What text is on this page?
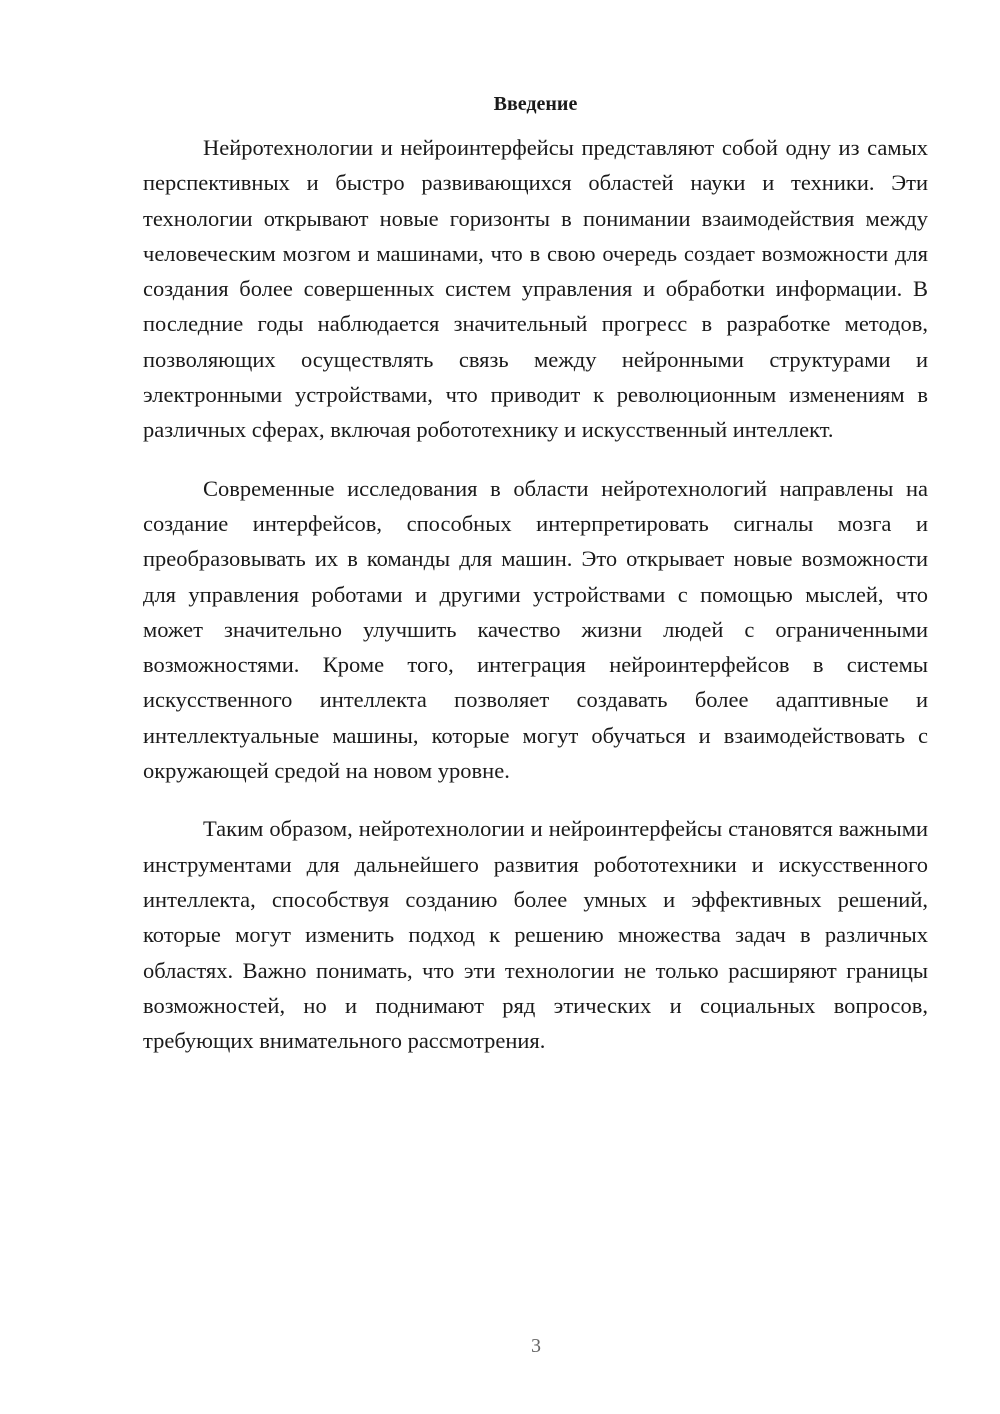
Введение

Нейротехнологии и нейроинтерфейсы представляют собой одну из самых перспективных и быстро развивающихся областей науки и техники. Эти технологии открывают новые горизонты в понимании взаимодействия между человеческим мозгом и машинами, что в свою очередь создает возможности для создания более совершенных систем управления и обработки информации. В последние годы наблюдается значительный прогресс в разработке методов, позволяющих осуществлять связь между нейронными структурами и электронными устройствами, что приводит к революционным изменениям в различных сферах, включая робототехнику и искусственный интеллект.

Современные исследования в области нейротехнологий направлены на создание интерфейсов, способных интерпретировать сигналы мозга и преобразовывать их в команды для машин. Это открывает новые возможности для управления роботами и другими устройствами с помощью мыслей, что может значительно улучшить качество жизни людей с ограниченными возможностями. Кроме того, интеграция нейроинтерфейсов в системы искусственного интеллекта позволяет создавать более адаптивные и интеллектуальные машины, которые могут обучаться и взаимодействовать с окружающей средой на новом уровне.

Таким образом, нейротехнологии и нейроинтерфейсы становятся важными инструментами для дальнейшего развития робототехники и искусственного интеллекта, способствуя созданию более умных и эффективных решений, которые могут изменить подход к решению множества задач в различных областях. Важно понимать, что эти технологии не только расширяют границы возможностей, но и поднимают ряд этических и социальных вопросов, требующих внимательного рассмотрения.

3
